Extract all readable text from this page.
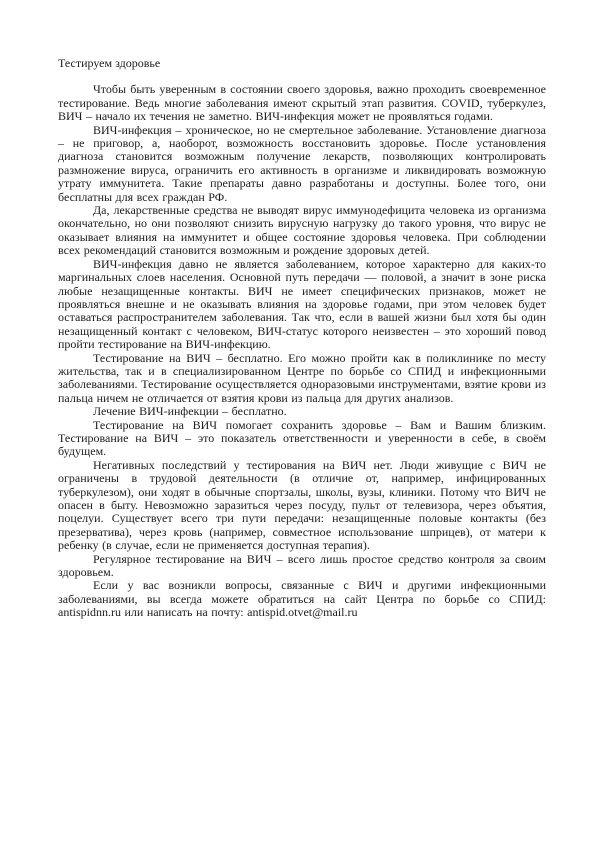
Тестируем здоровье

Чтобы быть уверенным в состоянии своего здоровья, важно проходить своевременное тестирование. Ведь многие заболевания имеют скрытый этап развития. COVID, туберкулез, ВИЧ – начало их течения не заметно. ВИЧ-инфекция может не проявляться годами.

ВИЧ-инфекция – хроническое, но не смертельное заболевание. Установление диагноза – не приговор, а, наоборот, возможность восстановить здоровье. После установления диагноза становится возможным получение лекарств, позволяющих контролировать размножение вируса, ограничить его активность в организме и ликвидировать возможную утрату иммунитета. Такие препараты давно разработаны и доступны. Более того, они бесплатны для всех граждан РФ.

Да, лекарственные средства не выводят вирус иммунодефицита человека из организма окончательно, но они позволяют снизить вирусную нагрузку до такого уровня, что вирус не оказывает влияния на иммунитет и общее состояние здоровья человека. При соблюдении всех рекомендаций становится возможным и рождение здоровых детей.

ВИЧ-инфекция давно не является заболеванием, которое характерно для каких-то маргинальных слоев населения. Основной путь передачи — половой, а значит в зоне риска любые незащищенные контакты. ВИЧ не имеет специфических признаков, может не проявляться внешне и не оказывать влияния на здоровье годами, при этом человек будет оставаться распространителем заболевания. Так что, если в вашей жизни был хотя бы один незащищенный контакт с человеком, ВИЧ-статус которого неизвестен – это хороший повод пройти тестирование на ВИЧ-инфекцию.

Тестирование на ВИЧ – бесплатно. Его можно пройти как в поликлинике по месту жительства, так и в специализированном Центре по борьбе со СПИД и инфекционными заболеваниями. Тестирование осуществляется одноразовыми инструментами, взятие крови из пальца ничем не отличается от взятия крови из пальца для других анализов.

Лечение ВИЧ-инфекции – бесплатно.

Тестирование на ВИЧ помогает сохранить здоровье – Вам и Вашим близким. Тестирование на ВИЧ – это показатель ответственности и уверенности в себе, в своём будущем.

Негативных последствий у тестирования на ВИЧ нет. Люди живущие с ВИЧ не ограничены в трудовой деятельности (в отличие от, например, инфицированных туберкулезом), они ходят в обычные спортзалы, школы, вузы, клиники. Потому что ВИЧ не опасен в быту. Невозможно заразиться через посуду, пульт от телевизора, через объятия, поцелуи. Существует всего три пути передачи: незащищенные половые контакты (без презерватива), через кровь (например, совместное использование шприцев), от матери к ребенку (в случае, если не применяется доступная терапия).

Регулярное тестирование на ВИЧ – всего лишь простое средство контроля за своим здоровьем.

Если у вас возникли вопросы, связанные с ВИЧ и другими инфекционными заболеваниями, вы всегда можете обратиться на сайт Центра по борьбе со СПИД: antispidnn.ru или написать на почту: antispid.otvet@mail.ru
